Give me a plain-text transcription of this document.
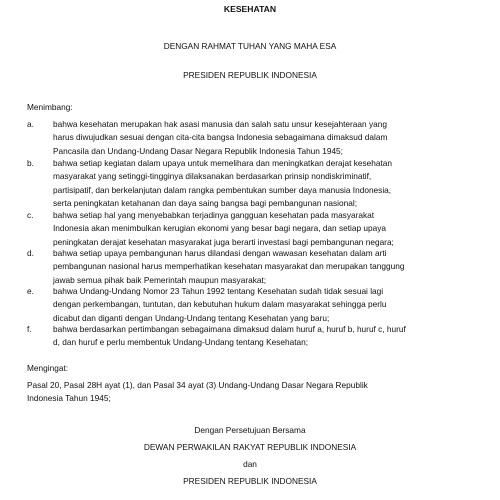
KESEHATAN
DENGAN RAHMAT TUHAN YANG MAHA ESA
PRESIDEN REPUBLIK INDONESIA
Menimbang:
a. bahwa kesehatan merupakan hak asasi manusia dan salah satu unsur kesejahteraan yang
harus diwujudkan sesuai dengan cita-cita bangsa Indonesia sebagaimana dimaksud dalam
Pancasila dan Undang-Undang Dasar Negara Republik Indonesia Tahun 1945;
b. bahwa setiap kegiatan dalam upaya untuk memelihara dan meningkatkan derajat kesehatan
masyarakat yang setinggi-tingginya dilaksanakan berdasarkan prinsip nondiskriminatif,
partisipatif, dan berkelanjutan dalam rangka pembentukan sumber daya manusia Indonesia,
serta peningkatan ketahanan dan daya saing bangsa bagi pembangunan nasional;
c. bahwa setiap hal yang menyebabkan terjadinya gangguan kesehatan pada masyarakat
Indonesia akan menimbulkan kerugian ekonomi yang besar bagi negara, dan setiap upaya
peningkatan derajat kesehatan masyarakat juga berarti investasi bagi pembangunan negara;
d. bahwa setiap upaya pembangunan harus dilandasi dengan wawasan kesehatan dalam arti
pembangunan nasional harus memperhatikan kesehatan masyarakat dan merupakan tanggung
jawab semua pihak baik Pemerintah maupun masyarakat;
e. bahwa Undang-Undang Nomor 23 Tahun 1992 tentang Kesehatan sudah tidak sesuai lagi
dengan perkembangan, tuntutan, dan kebutuhan hukum dalam masyarakat sehingga perlu
dicabut dan diganti dengan Undang-Undang tentang Kesehatan yang baru;
f.	bahwa berdasarkan pertimbangan sebagaimana dimaksud dalam huruf a, huruf b, huruf c, huruf
d, dan huruf e perlu membentuk Undang-Undang tentang Kesehatan;
Mengingat:
Pasal 20, Pasal 28H ayat (1), dan Pasal 34 ayat (3) Undang-Undang Dasar Negara Republik
Indonesia Tahun 1945;
Dengan Persetujuan Bersama
DEWAN PERWAKILAN RAKYAT REPUBLIK INDONESIA
dan
PRESIDEN REPUBLIK INDONESIA
